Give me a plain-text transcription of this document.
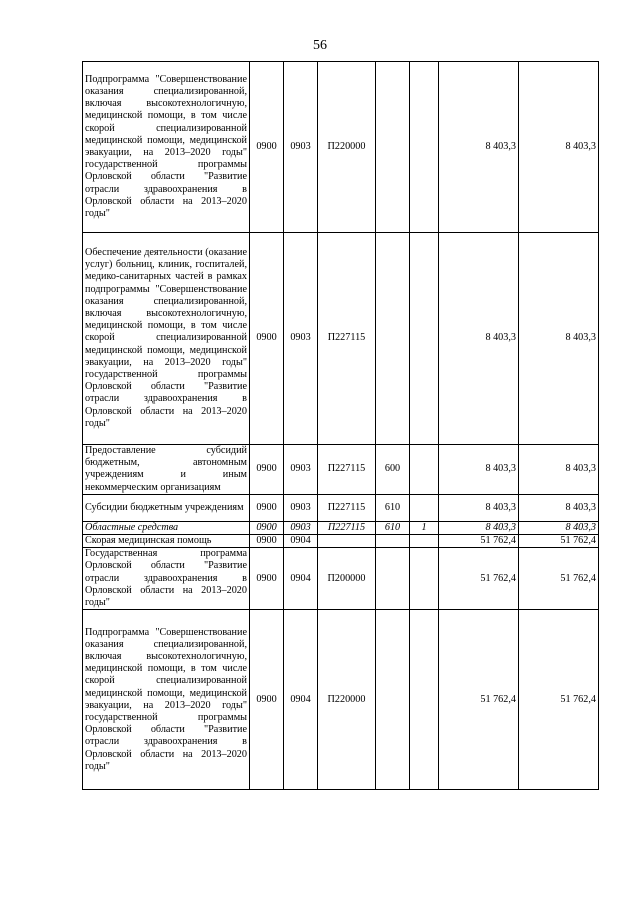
56
Подпрограмма "Совершенствование оказания специализированной, включая высокотехнологичную, медицинской помощи, в том числе скорой специализированной медицинской помощи, медицинской эвакуации, на 2013–2020 годы" государственной программы Орловской области "Развитие отрасли здравоохранения в Орловской области на 2013–2020 годы"	0900	0903	П220000			8 403,3	8 403,3
Обеспечение деятельности (оказание услуг) больниц, клиник, госпиталей, медико-санитарных частей в рамках подпрограммы "Совершенствование оказания специализированной, включая высокотехнологичную, медицинской помощи, в том числе скорой специализированной медицинской помощи, медицинской эвакуации, на 2013–2020 годы" государственной программы Орловской области "Развитие отрасли здравоохранения в Орловской области на 2013–2020 годы"	0900	0903	П227115			8 403,3	8 403,3
Предоставление субсидий бюджетным, автономным учреждениям и иным некоммерческим организациям	0900	0903	П227115	600		8 403,3	8 403,3
Субсидии бюджетным учреждениям	0900	0903	П227115	610		8 403,3	8 403,3
Областные средства	0900	0903	П227115	610	1	8 403,3	8 403,3
Скорая медицинская помощь	0900	0904				51 762,4	51 762,4
Государственная программа Орловской области "Развитие отрасли здравоохранения в Орловской области на 2013–2020 годы"	0900	0904	П200000			51 762,4	51 762,4
Подпрограмма "Совершенствование оказания специализированной, включая высокотехнологичную, медицинской помощи, в том числе скорой специализированной медицинской помощи, медицинской эвакуации, на 2013–2020 годы" государственной программы Орловской области "Развитие отрасли здравоохранения в Орловской области на 2013–2020 годы"	0900	0904	П220000			51 762,4	51 762,4
